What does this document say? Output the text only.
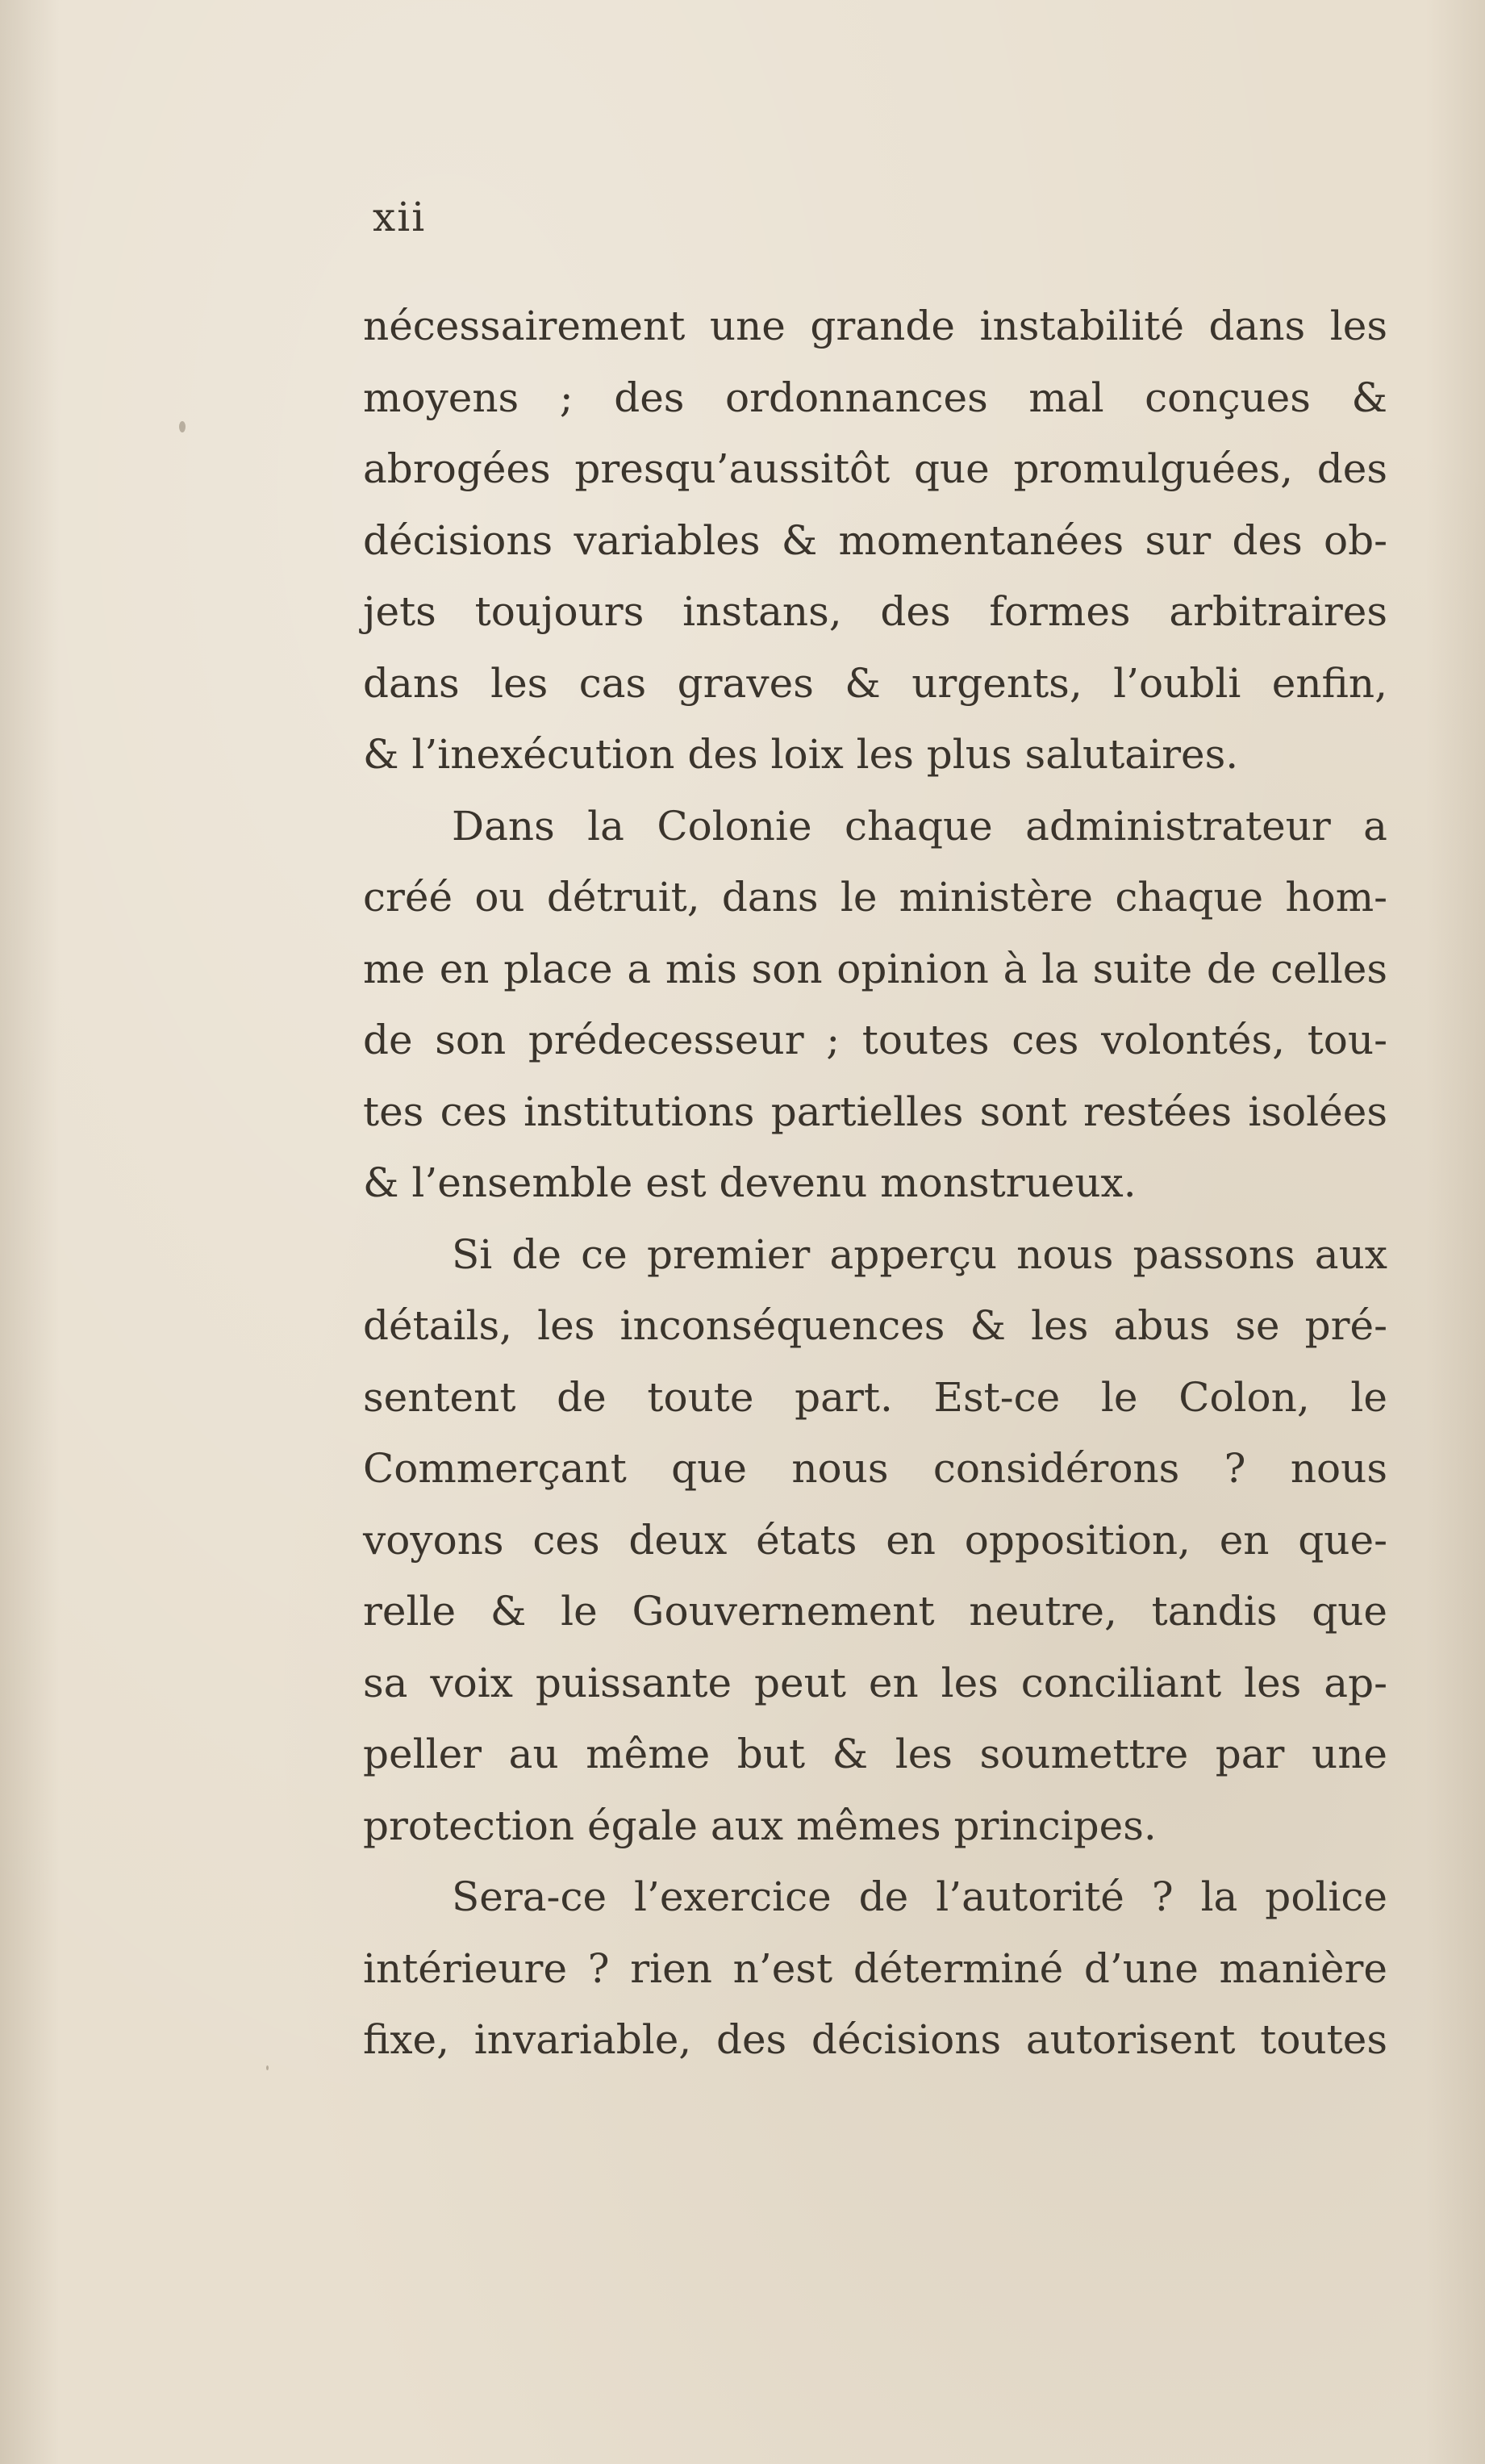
xii
nécessairement une grande instabilité dans les
moyens ; des ordonnances mal conçues &
abrogées presqu’aussitôt que promulguées, des
décisions variables & momentanées sur des ob-
jets toujours instans, des formes arbitraires
dans les cas graves & urgents, l’oubli enfin,
& l’inexécution des loix les plus salutaires.
Dans la Colonie chaque administrateur a
créé ou détruit, dans le ministère chaque hom-
me en place a mis son opinion à la suite de celles
de son prédecesseur ; toutes ces volontés, tou-
tes ces institutions partielles sont restées isolées
& l’ensemble est devenu monstrueux.
Si de ce premier apperçu nous passons aux
détails, les inconséquences & les abus se pré-
sentent de toute part. Est-ce le Colon, le
Commerçant que nous considérons ? nous
voyons ces deux états en opposition, en que-
relle & le Gouvernement neutre, tandis que
sa voix puissante peut en les conciliant les ap-
peller au même but & les soumettre par une
protection égale aux mêmes principes.
Sera-ce l’exercice de l’autorité ? la police
intérieure ? rien n’est déterminé d’une manière
fixe, invariable, des décisions autorisent toutes
